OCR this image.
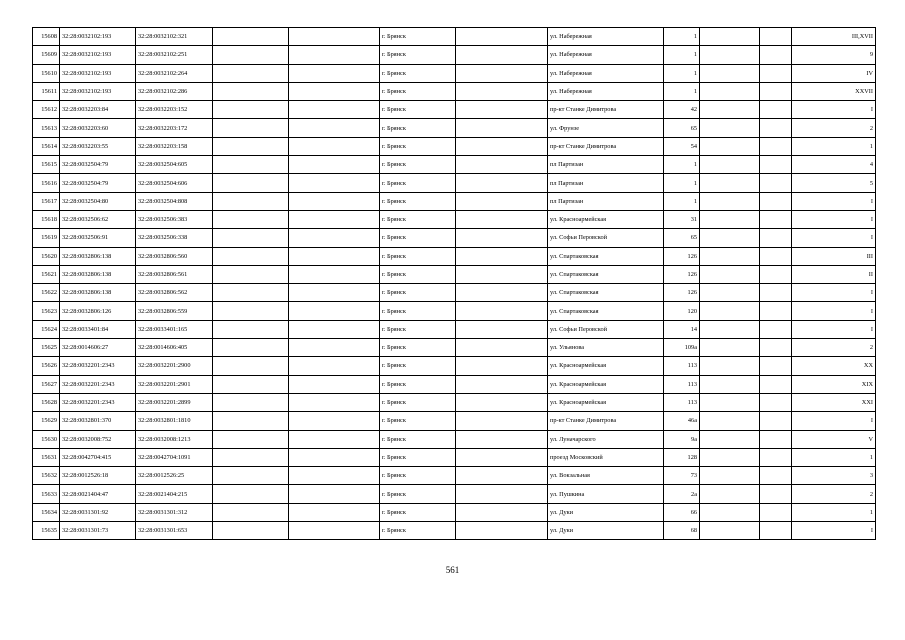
15608	32:28:0032102:193	32:28:0032102:321			г. Брянск		ул. Набережная	1			III,XVII
15609	32:28:0032102:193	32:28:0032102:251			г. Брянск		ул. Набережная	1			9
15610	32:28:0032102:193	32:28:0032102:264			г. Брянск		ул. Набережная	1			IV
15611	32:28:0032102:193	32:28:0032102:286			г. Брянск		ул. Набережная	1			XXVII
15612	32:28:0032203:84	32:28:0032203:152			г. Брянск		пр-кт Станке Димитрова	42			I
15613	32:28:0032203:60	32:28:0032203:172			г. Брянск		ул. Фрунзе	65			2
15614	32:28:0032203:55	32:28:0032203:158			г. Брянск		пр-кт Станке Димитрова	54			1
15615	32:28:0032504:79	32:28:0032504:605			г. Брянск		пл Партизан	1			4
15616	32:28:0032504:79	32:28:0032504:606			г. Брянск		пл Партизан	1			5
15617	32:28:0032504:80	32:28:0032504:808			г. Брянск		пл Партизан	1			I
15618	32:28:0032506:62	32:28:0032506:383			г. Брянск		ул. Красноармейская	31			I
15619	32:28:0032506:91	32:28:0032506:338			г. Брянск		ул. Софьи Перовской	65			I
15620	32:28:0032806:138	32:28:0032806:560			г. Брянск		ул. Спартаковская	126			III
15621	32:28:0032806:138	32:28:0032806:561			г. Брянск		ул. Спартаковская	126			II
15622	32:28:0032806:138	32:28:0032806:562			г. Брянск		ул. Спартаковская	126			I
15623	32:28:0032806:126	32:28:0032806:559			г. Брянск		ул. Спартаковская	120			I
15624	32:28:0033401:84	32:28:0033401:165			г. Брянск		ул. Софьи Перовской	14			I
15625	32:28:0014606:27	32:28:0014606:405			г. Брянск		ул. Ульянова	109а			2
15626	32:28:0032201:2343	32:28:0032201:2900			г. Брянск		ул. Красноармейская	113			XX
15627	32:28:0032201:2343	32:28:0032201:2901			г. Брянск		ул. Красноармейская	113			XIX
15628	32:28:0032201:2343	32:28:0032201:2899			г. Брянск		ул. Красноармейская	113			XXI
15629	32:28:0032801:370	32:28:0032801:1810			г. Брянск		пр-кт Станке Димитрова	46а			I
15630	32:28:0032008:752	32:28:0032008:1213			г. Брянск		ул. Луначарского	9а			V
15631	32:28:0042704:415	32:28:0042704:1091			г. Брянск		проезд Московский	128			1
15632	32:28:0012526:18	32:28:0012526:25			г. Брянск		ул. Вокзальная	73			3
15633	32:28:0021404:47	32:28:0021404:215			г. Брянск		ул. Пушкина	2а			2
15634	32:28:0031301:92	32:28:0031301:312			г. Брянск		ул. Дуки	66			1
15635	32:28:0031301:73	32:28:0031301:653			г. Брянск		ул. Дуки	68			I
561
